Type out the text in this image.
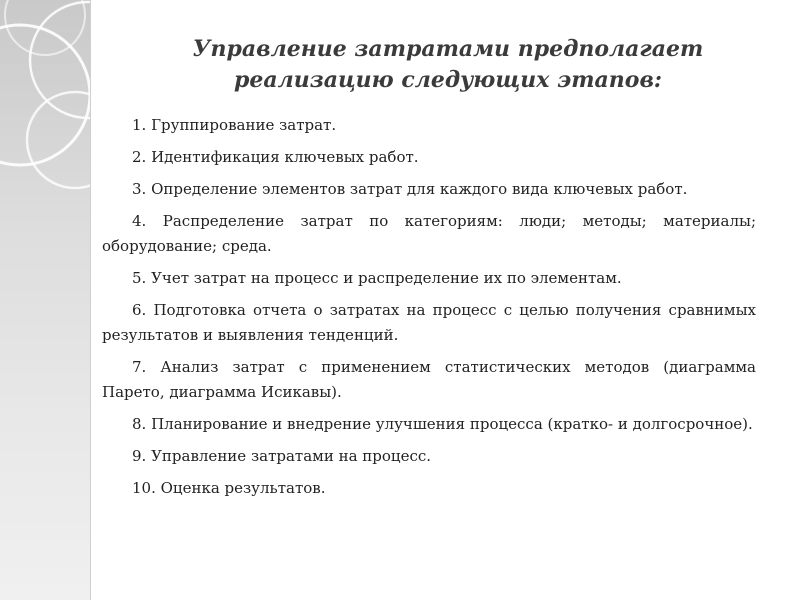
Управление затратами предполагает
реализацию следующих этапов:

1. Группирование затрат.

2. Идентификация ключевых работ.

3. Определение элементов затрат для каждого вида ключевых работ.

4. Распределение затрат по категориям: люди; методы; материалы; оборудование; среда.

5. Учет затрат на процесс и распределение их по элементам.

6. Подготовка отчета о затратах на процесс с целью получения сравнимых результатов и выявления тенденций.

7. Анализ затрат с применением статистических методов (диаграмма Парето, диаграмма Исикавы).

8. Планирование и внедрение улучшения процесса (кратко- и долгосрочное).

9. Управление затратами на процесс.

10. Оценка результатов.
